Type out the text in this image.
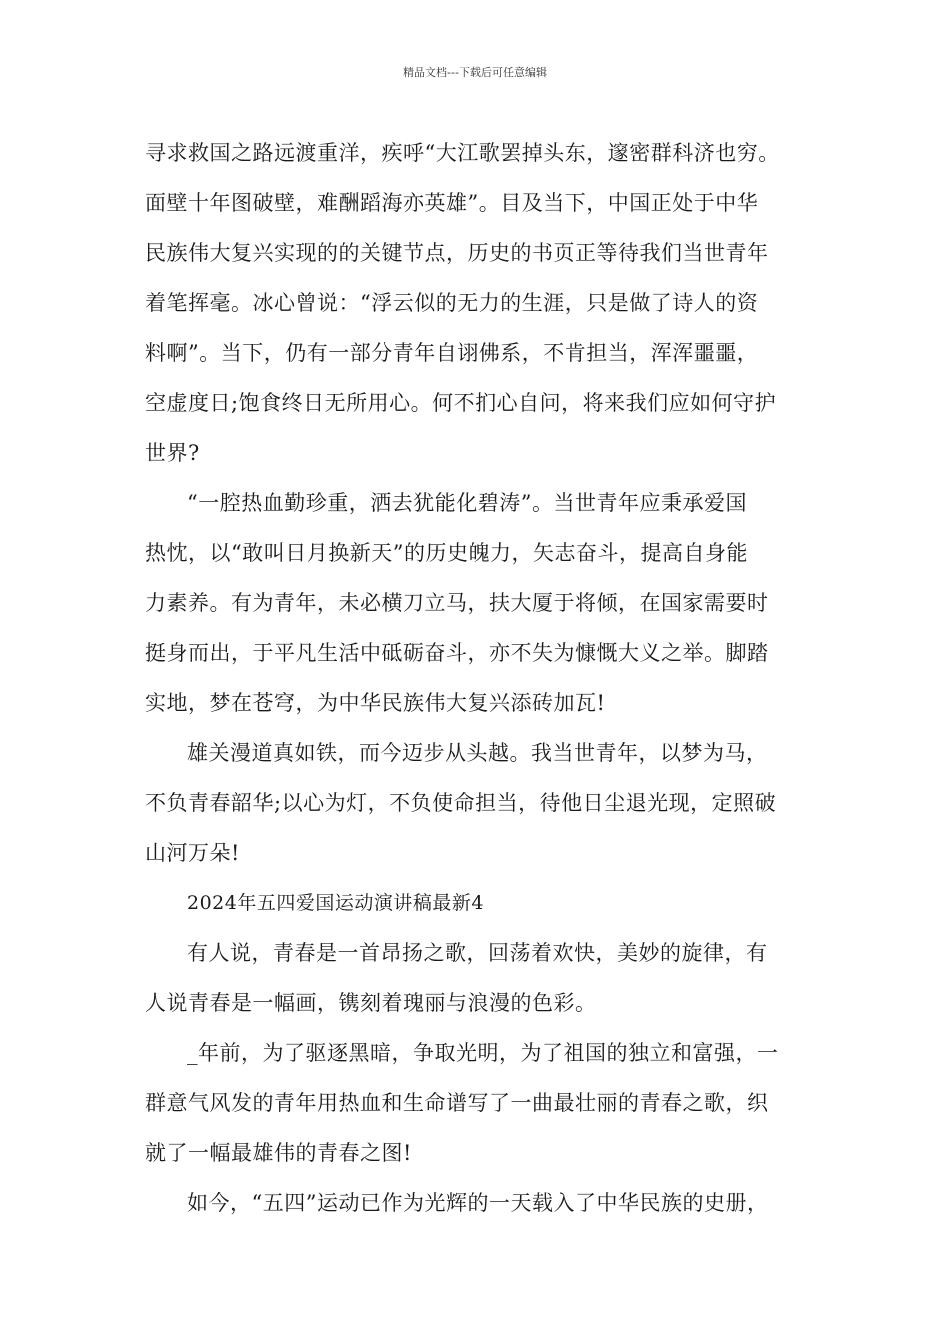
精品文档---下载后可任意编辑
寻求救国之路远渡重洋，疾呼“大江歌罢掉头东，邃密群科济也穷。
面壁十年图破壁，难酬蹈海亦英雄”。目及当下，中国正处于中华
民族伟大复兴实现的的关键节点，历史的书页正等待我们当世青年
着笔挥毫。冰心曾说：“浮云似的无力的生涯，只是做了诗人的资
料啊”。当下，仍有一部分青年自诩佛系，不肯担当，浑浑噩噩，
空虚度日;饱食终日无所用心。何不扪心自问，将来我们应如何守护
世界?
“一腔热血勤珍重，洒去犹能化碧涛”。当世青年应秉承爱国
热忱，以“敢叫日月换新天”的历史魄力，矢志奋斗，提高自身能
力素养。有为青年，未必横刀立马，扶大厦于将倾，在国家需要时
挺身而出，于平凡生活中砥砺奋斗，亦不失为慷慨大义之举。脚踏
实地，梦在苍穹，为中华民族伟大复兴添砖加瓦!
雄关漫道真如铁，而今迈步从头越。我当世青年，以梦为马，
不负青春韶华;以心为灯，不负使命担当，待他日尘退光现，定照破
山河万朵!
2024年五四爱国运动演讲稿最新4
有人说，青春是一首昂扬之歌，回荡着欢快，美妙的旋律，有
人说青春是一幅画，镌刻着瑰丽与浪漫的色彩。
_年前，为了驱逐黑暗，争取光明，为了祖国的独立和富强，一
群意气风发的青年用热血和生命谱写了一曲最壮丽的青春之歌，织
就了一幅最雄伟的青春之图!
如今，“五四”运动已作为光辉的一天载入了中华民族的史册，
